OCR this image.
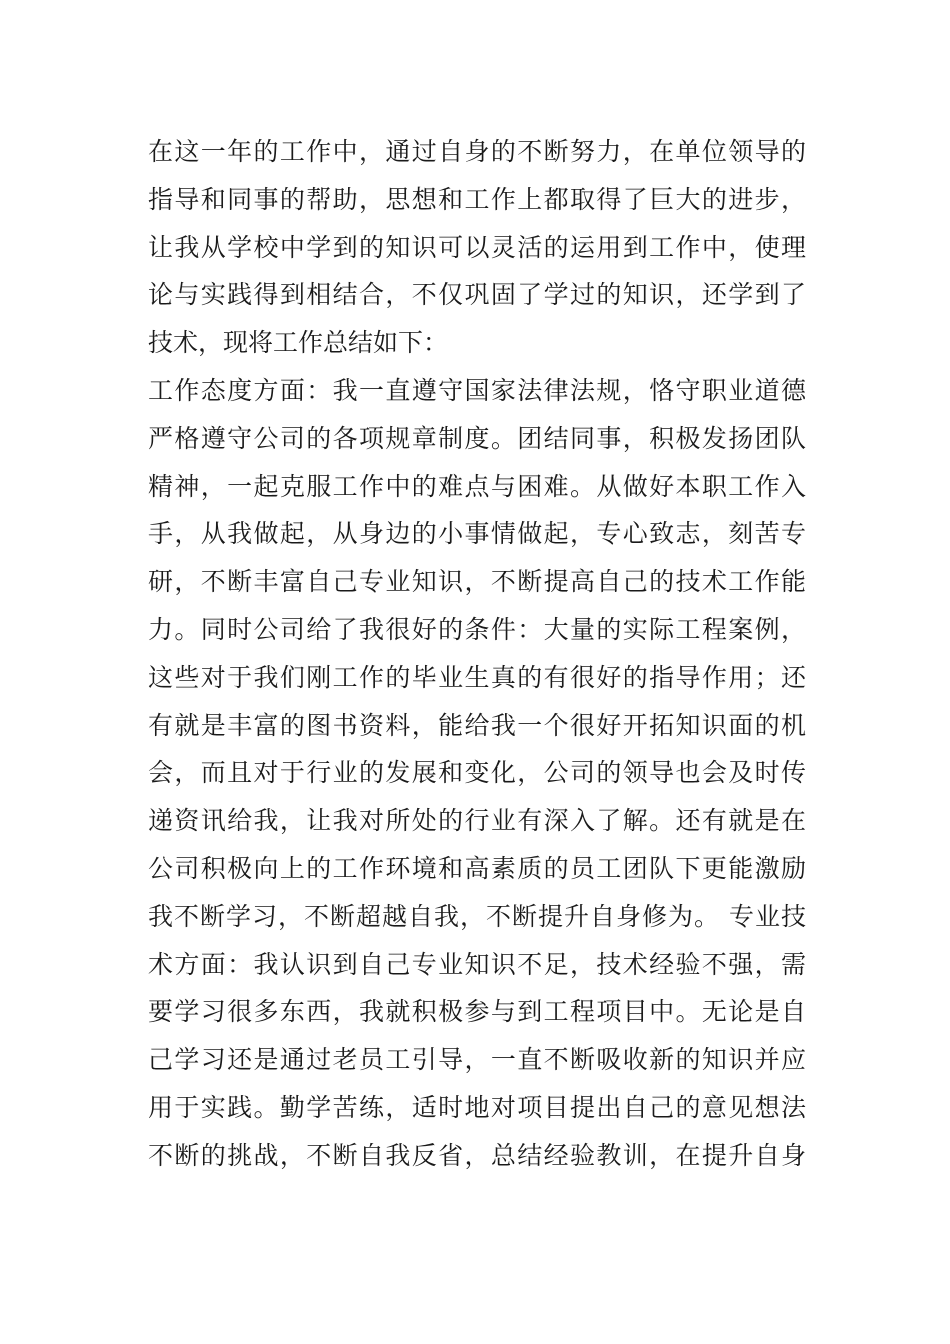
在这一年的工作中，通过自身的不断努力，在单位领导的
指导和同事的帮助，思想和工作上都取得了巨大的进步，
让我从学校中学到的知识可以灵活的运用到工作中，使理
论与实践得到相结合，不仅巩固了学过的知识，还学到了
技术，现将工作总结如下：
工作态度方面：我一直遵守国家法律法规，恪守职业道德
严格遵守公司的各项规章制度。团结同事，积极发扬团队
精神，一起克服工作中的难点与困难。从做好本职工作入
手，从我做起，从身边的小事情做起，专心致志，刻苦专
研，不断丰富自己专业知识，不断提高自己的技术工作能
力。同时公司给了我很好的条件：大量的实际工程案例，
这些对于我们刚工作的毕业生真的有很好的指导作用；还
有就是丰富的图书资料，能给我一个很好开拓知识面的机
会，而且对于行业的发展和变化，公司的领导也会及时传
递资讯给我，让我对所处的行业有深入了解。还有就是在
公司积极向上的工作环境和高素质的员工团队下更能激励
我不断学习，不断超越自我，不断提升自身修为。 专业技
术方面：我认识到自己专业知识不足，技术经验不强，需
要学习很多东西，我就积极参与到工程项目中。无论是自
己学习还是通过老员工引导，一直不断吸收新的知识并应
用于实践。勤学苦练，适时地对项目提出自己的意见想法
不断的挑战，不断自我反省，总结经验教训，在提升自身
